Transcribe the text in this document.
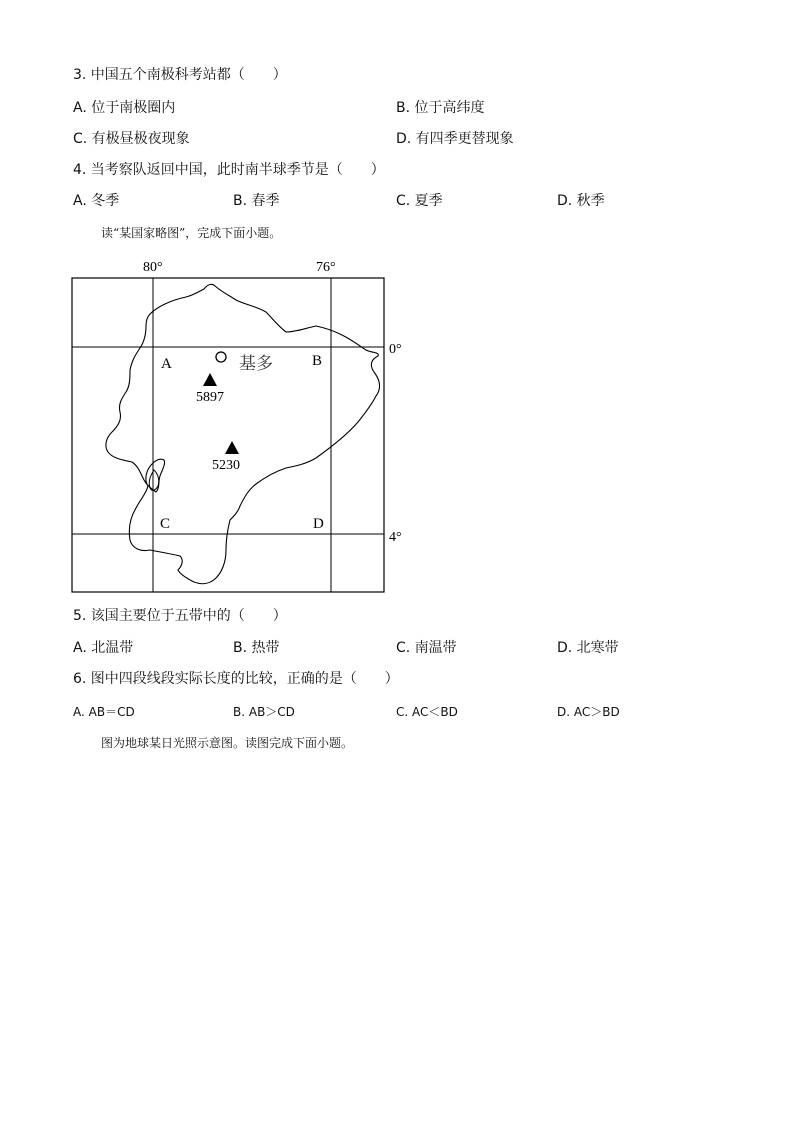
3. 中国五个南极科考站都（　　）
A. 位于南极圈内	B. 位于高纬度
C. 有极昼极夜现象	D. 有四季更替现象
4. 当考察队返回中国，此时南半球季节是（　　）
A. 冬季	B. 春季	C. 夏季	D. 秋季
读“某国家略图”，完成下面小题。
基多
5897
5230
A	B
C	D
80°	76°
0°
4°
5. 该国主要位于五带中的（　　）
A. 北温带	B. 热带	C. 南温带	D. 北寒带
6. 图中四段线段实际长度的比较，正确的是（　　）
A. AB＝CD	B. AB＞CD	C. AC＜BD	D. AC＞BD
图为地球某日光照示意图。读图完成下面小题。
